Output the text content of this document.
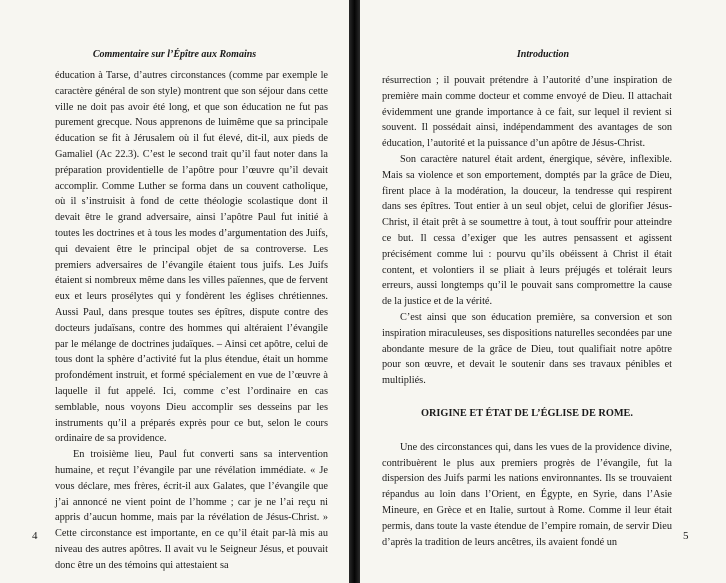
Commentaire sur l’Épître aux Romains

éducation à Tarse, d’autres circonstances (comme par exemple le caractère général de son style) montrent que son séjour dans cette ville ne doit pas avoir été long, et que son éducation ne fut pas purement grecque. Nous apprenons de luimême que sa principale éducation se fit à Jérusalem où il fut élevé, dit-il, aux pieds de Gamaliel (Ac 22.3). C’est le second trait qu’il faut noter dans la préparation providentielle de l’apôtre pour l’œuvre qu’il devait accomplir. Comme Luther se forma dans un couvent catholique, où il s’instruisit à fond de cette théologie scolastique dont il devait être le grand adversaire, ainsi l’apôtre Paul fut initié à toutes les doctrines et à tous les modes d’argumentation des Juifs, qui devaient être le principal objet de sa controverse. Les premiers adversaires de l’évangile étaient tous juifs. Les Juifs étaient si nombreux même dans les villes païennes, que de fervent eux et leurs prosélytes qui y fondèrent les églises chrétiennes. Aussi Paul, dans presque toutes ses épîtres, dispute contre des docteurs judaïsans, contre des hommes qui altéraient l’évangile par le mélange de doctrines judaïques. – Ainsi cet apôtre, celui de tous dont la sphère d’activité fut la plus étendue, était un homme profondément instruit, et formé spécialement en vue de l’œuvre à laquelle il fut appelé. Ici, comme c’est l’ordinaire en cas semblable, nous voyons Dieu accomplir ses desseins par les instruments qu’il a préparés exprès pour ce but, selon le cours ordinaire de sa providence.

En troisième lieu, Paul fut converti sans sa intervention humaine, et reçut l’évangile par une révélation immédiate. « Je vous déclare, mes frères, écrit-il aux Galates, que l’évangile que j’ai annoncé ne vient point de l’homme ; car je ne l’ai reçu ni appris d’aucun homme, mais par la révélation de Jésus-Christ. » Cette circonstance est importante, en ce qu’il était par-là mis au niveau des autres apôtres. Il avait vu le Seigneur Jésus, et pouvait donc être un des témoins qui attestaient sa

4
Introduction

résurrection ; il pouvait prétendre à l’autorité d’une inspiration de première main comme docteur et comme envoyé de Dieu. Il attachait évidemment une grande importance à ce fait, sur lequel il revient si souvent. Il possédait ainsi, indépendamment des avantages de son éducation, l’autorité et la puissance d’un apôtre de Jésus-Christ.

Son caractère naturel était ardent, énergique, sévère, inflexible. Mais sa violence et son emportement, domptés par la grâce de Dieu, firent place à la modération, la douceur, la tendresse qui respirent dans ses épîtres. Tout entier à un seul objet, celui de glorifier Jésus-Christ, il était prêt à se soumettre à tout, à tout souffrir pour atteindre ce but. Il cessa d’exiger que les autres pensassent et agissent précisément comme lui : pourvu qu’ils obéissent à Christ il était content, et volontiers il se pliait à leurs préjugés et tolérait leurs erreurs, aussi longtemps qu’il le pouvait sans compromettre la cause de la justice et de la vérité.

C’est ainsi que son éducation première, sa conversion et son inspiration miraculeuses, ses dispositions naturelles secondées par une abondante mesure de la grâce de Dieu, tout qualifiait notre apôtre pour son œuvre, et devait le soutenir dans ses travaux pénibles et multipliés.

ORIGINE ET ÉTAT DE L’ÉGLISE DE ROME.

Une des circonstances qui, dans les vues de la providence divine, contribuèrent le plus aux premiers progrès de l’évangile, fut la dispersion des Juifs parmi les nations environnantes. Ils se trouvaient répandus au loin dans l’Orient, en Égypte, en Syrie, dans l’Asie Mineure, en Grèce et en Italie, surtout à Rome. Comme il leur était permis, dans toute la vaste étendue de l’empire romain, de servir Dieu d’après la tradition de leurs ancêtres, ils avaient fondé un

5
